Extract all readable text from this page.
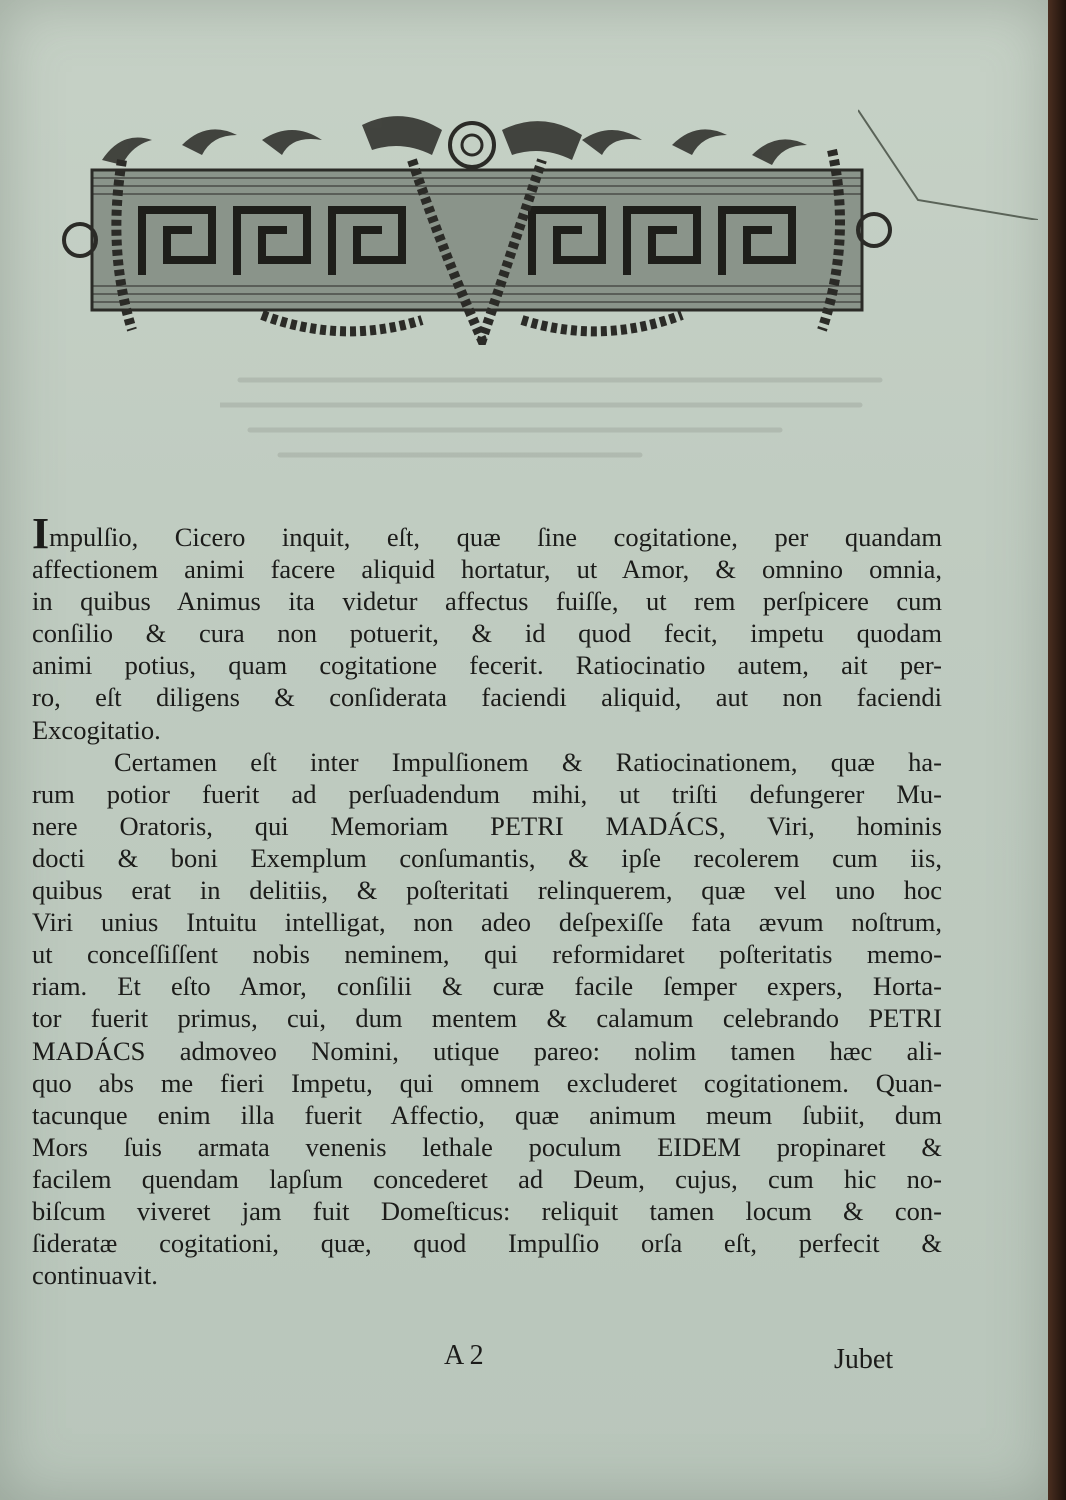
Impulſio, Cicero inquit, eſt, quæ ſine cogitatione, per quandam
affectionem animi facere aliquid hortatur, ut Amor, & omnino omnia,
in quibus Animus ita videtur affectus fuiſſe, ut rem perſpicere cum
conſilio & cura non potuerit, & id quod fecit, impetu quodam
animi potius, quam cogitatione fecerit. Ratiocinatio autem, ait per-
ro, eſt diligens & conſiderata faciendi aliquid, aut non faciendi
Excogitatio.
Certamen eſt inter Impulſionem & Ratiocinationem, quæ ha-
rum potior fuerit ad perſuadendum mihi, ut triſti defungerer Mu-
nere Oratoris, qui Memoriam PETRI MADÁCS, Viri, hominis
docti & boni Exemplum conſumantis, & ipſe recolerem cum iis,
quibus erat in delitiis, & poſteritati relinquerem, quæ vel uno hoc
Viri unius Intuitu intelligat, non adeo deſpexiſſe fata ævum noſtrum,
ut conceſſiſſent nobis neminem, qui reformidaret poſteritatis memo-
riam. Et eſto Amor, conſilii & curæ facile ſemper expers, Horta-
tor fuerit primus, cui, dum mentem & calamum celebrando PETRI
MADÁCS admoveo Nomini, utique pareo: nolim tamen hæc ali-
quo abs me fieri Impetu, qui omnem excluderet cogitationem. Quan-
tacunque enim illa fuerit Affectio, quæ animum meum ſubiit, dum
Mors ſuis armata venenis lethale poculum EIDEM propinaret &
facilem quendam lapſum concederet ad Deum, cujus, cum hic no-
biſcum viveret jam fuit Domeſticus: reliquit tamen locum & con-
ſideratæ cogitationi, quæ, quod Impulſio orſa eſt, perfecit &
continuavit.
A 2	Jubet
